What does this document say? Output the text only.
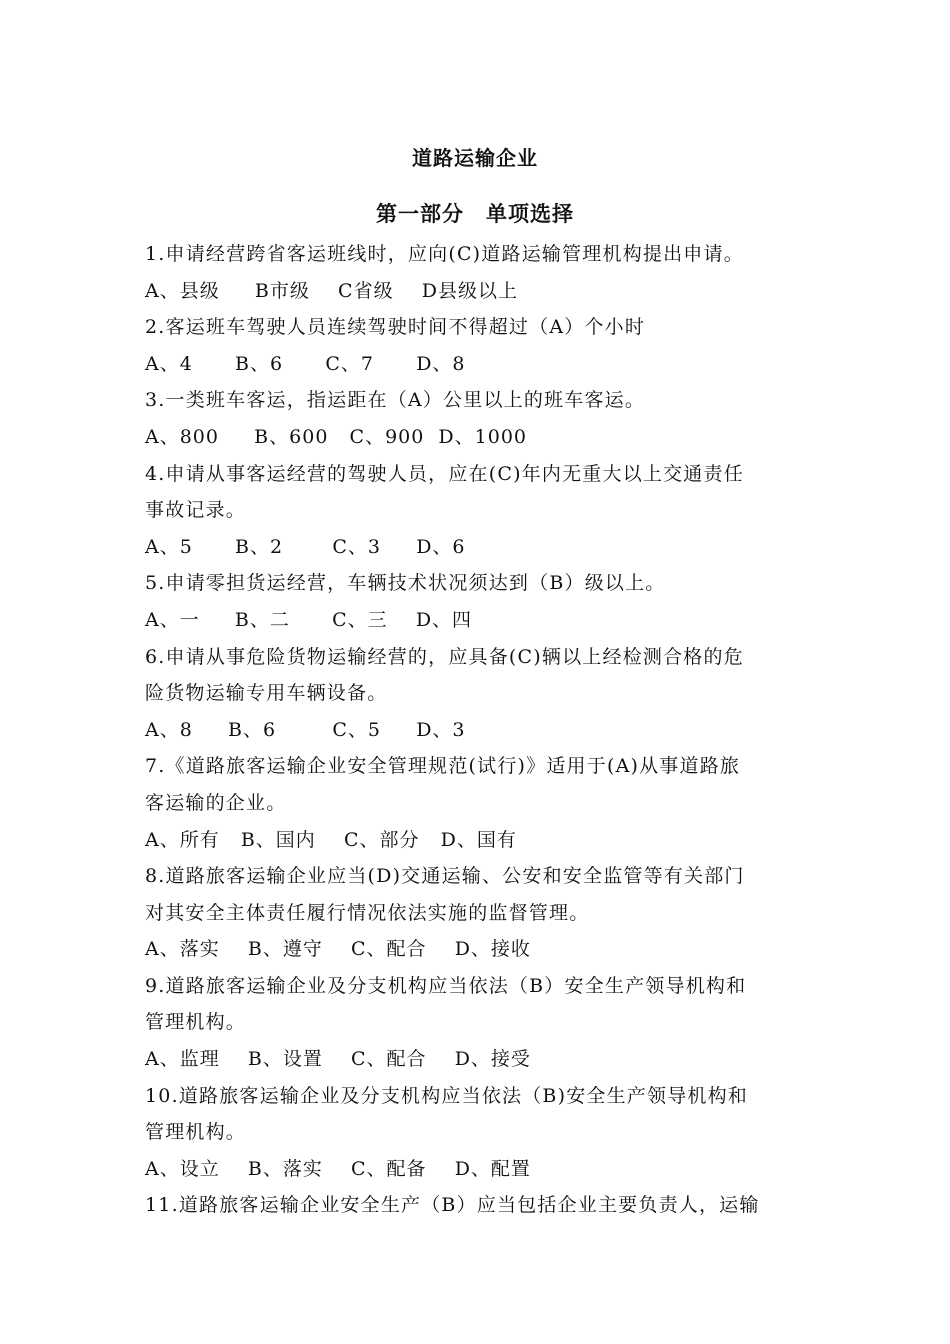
道路运输企业
第一部分　单项选择
1.申请经营跨省客运班线时，应向(C)道路运输管理机构提出申请。
A、县级     B市级    C省级    D县级以上
2.客运班车驾驶人员连续驾驶时间不得超过（A）个小时
A、4      B、6      C、7      D、8
3.一类班车客运，指运距在（A）公里以上的班车客运。
A、800     B、600   C、900  D、1000
4.申请从事客运经营的驾驶人员，应在(C)年内无重大以上交通责任
事故记录。
A、5      B、2       C、3     D、6
5.申请零担货运经营，车辆技术状况须达到（B）级以上。
A、一     B、二      C、三    D、四
6.申请从事危险货物运输经营的，应具备(C)辆以上经检测合格的危
险货物运输专用车辆设备。
A、8     B、6        C、5     D、3
7.《道路旅客运输企业安全管理规范(试行)》适用于(A)从事道路旅
客运输的企业。
A、所有   B、国内    C、部分   D、国有
8.道路旅客运输企业应当(D)交通运输、公安和安全监管等有关部门
对其安全主体责任履行情况依法实施的监督管理。
A、落实    B、遵守    C、配合    D、接收
9.道路旅客运输企业及分支机构应当依法（B）安全生产领导机构和
管理机构。
A、监理    B、设置    C、配合    D、接受
10.道路旅客运输企业及分支机构应当依法（B)安全生产领导机构和
管理机构。
A、设立    B、落实    C、配备    D、配置
11.道路旅客运输企业安全生产（B）应当包括企业主要负责人，运输
